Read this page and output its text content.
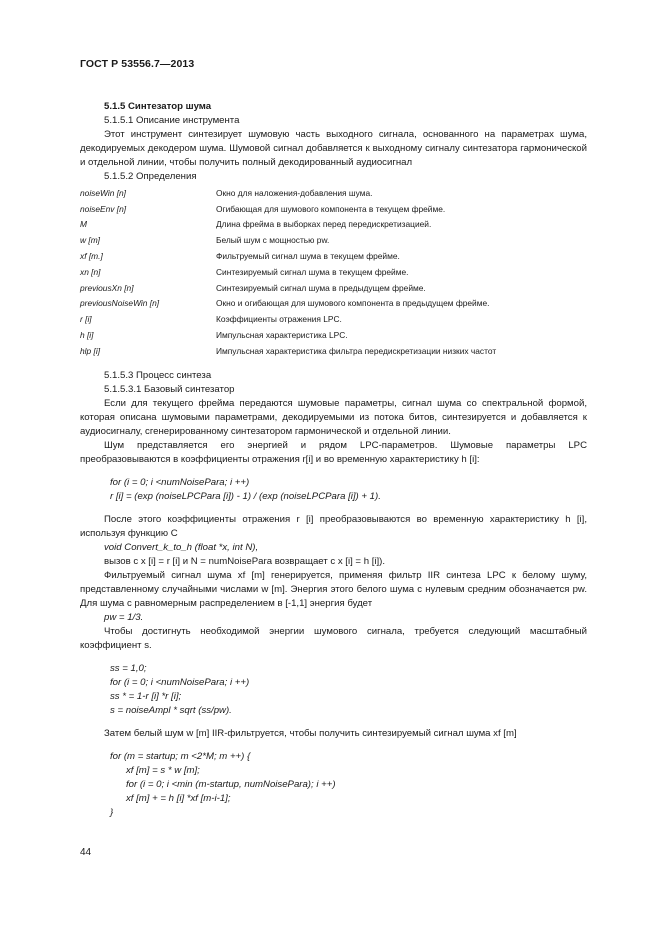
ГОСТ Р 53556.7—2013

5.1.5 Синтезатор шума

5.1.5.1 Описание инструмента

Этот инструмент синтезирует шумовую часть выходного сигнала, основанного на параметрах шума, декодируемых декодером шума. Шумовой сигнал добавляется к выходному сигналу синтезатора гармонической и отдельной линии, чтобы получить полный декодированный аудиосигнал

5.1.5.2 Определения

noiseWin [n]	Окно для наложения-добавления шума.
noiseEnv [n]	Огибающая для шумового компонента в текущем фрейме.
M	Длина фрейма в выборках перед передискретизацией.
w [m]	Белый шум с мощностью pw.
xf [m.]	Фильтруемый сигнал шума в текущем фрейме.
xn [n]	Синтезируемый сигнал шума в текущем фрейме.
previousXn [n]	Синтезируемый сигнал шума в предыдущем фрейме.
previousNoiseWin [n]	Окно и огибающая для шумового компонента в предыдущем фрейме.
r [i]	Коэффициенты отражения LPC.
h [i]	Импульсная характеристика LPC.
hlp [i]	Импульсная характеристика фильтра передискретизации низких частот

5.1.5.3 Процесс синтеза

5.1.5.3.1 Базовый синтезатор

Если для текущего фрейма передаются шумовые параметры, сигнал шума со спектральной формой, которая описана шумовыми параметрами, декодируемыми из потока битов, синтезируется и добавляется к аудиосигналу, сгенерированному синтезатором гармонической и отдельной линии.

Шум представляется его энергией и рядом LPC-параметров. Шумовые параметры LPC преобразовываются в коэффициенты отражения r[i] и во временную характеристику h [i]:

for (i = 0; i <numNoisePara; i ++)

r [i] = (exp (noiseLPCPara [i]) - 1) / (exp (noiseLPCPara [i]) + 1).

После этого коэффициенты отражения r [i] преобразовываются во временную характеристику h [i], используя функцию С

void Convert_k_to_h (float *x, int N),

вызов с x [i] = r [i] и N = numNoisePara возвращает с x [i] = h [i]).

Фильтруемый сигнал шума xf [m] генерируется, применяя фильтр IIR синтеза LPC к белому шуму, представленному случайными числами w [m]. Энергия этого белого шума с нулевым средним обозначается pw. Для шума с равномерным распределением в [-1,1] энергия будет

pw = 1/3.

Чтобы достигнуть необходимой энергии шумового сигнала, требуется следующий масштабный коэффициент s.

ss = 1,0;

for (i = 0; i <numNoisePara; i ++)

ss * = 1-r [i] *r [i];

s = noiseAmpl * sqrt (ss/pw).

Затем белый шум w [m] IIR-фильтруется, чтобы получить синтезируемый сигнал шума xf [m]

for (m = startup; m <2*M; m ++) {

xf [m] = s * w [m];

for (i = 0; i <min (m-startup, numNoisePara); i ++)

xf [m] + = h [i] *xf [m-i-1];

}

44
